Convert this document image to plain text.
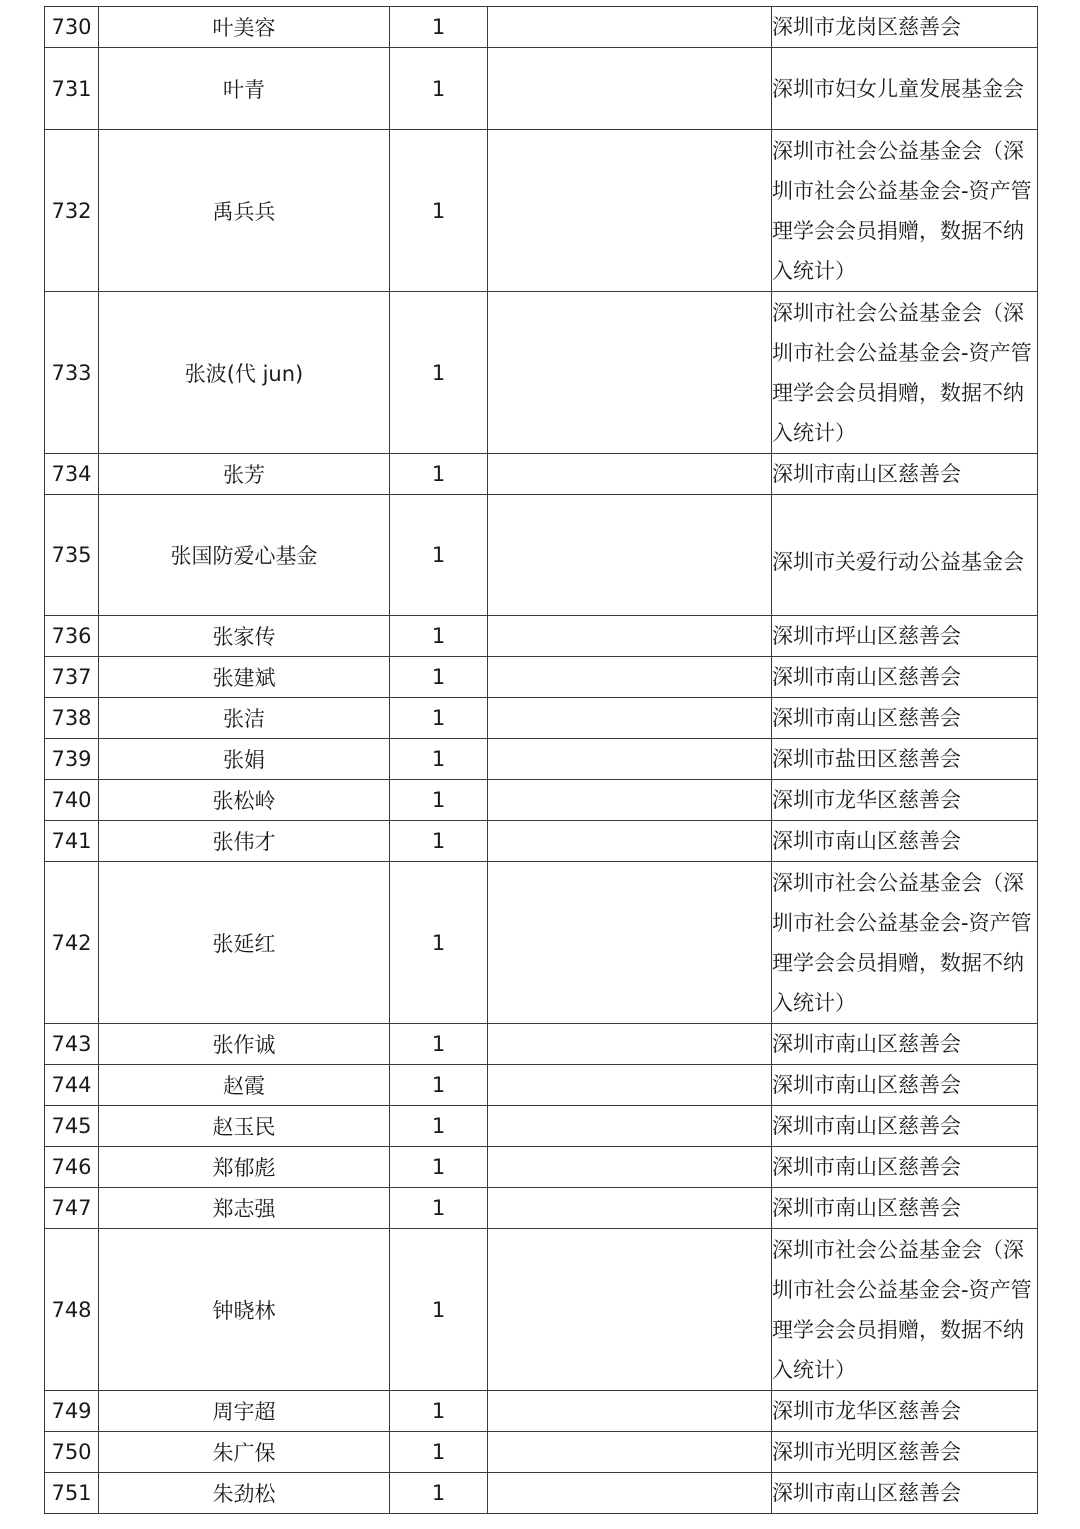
730	叶美容	1		深圳市龙岗区慈善会
731	叶青	1		深圳市妇女儿童发展基金会
732	禹兵兵	1		深圳市社会公益基金会（深圳市社会公益基金会-资产管理学会会员捐赠，数据不纳入统计）
733	张波(代 jun)	1		深圳市社会公益基金会（深圳市社会公益基金会-资产管理学会会员捐赠，数据不纳入统计）
734	张芳	1		深圳市南山区慈善会
735	张国防爱心基金	1		深圳市关爱行动公益基金会
736	张家传	1		深圳市坪山区慈善会
737	张建斌	1		深圳市南山区慈善会
738	张洁	1		深圳市南山区慈善会
739	张娟	1		深圳市盐田区慈善会
740	张松岭	1		深圳市龙华区慈善会
741	张伟才	1		深圳市南山区慈善会
742	张延红	1		深圳市社会公益基金会（深圳市社会公益基金会-资产管理学会会员捐赠，数据不纳入统计）
743	张作诚	1		深圳市南山区慈善会
744	赵霞	1		深圳市南山区慈善会
745	赵玉民	1		深圳市南山区慈善会
746	郑郁彪	1		深圳市南山区慈善会
747	郑志强	1		深圳市南山区慈善会
748	钟晓林	1		深圳市社会公益基金会（深圳市社会公益基金会-资产管理学会会员捐赠，数据不纳入统计）
749	周宇超	1		深圳市龙华区慈善会
750	朱广保	1		深圳市光明区慈善会
751	朱劲松	1		深圳市南山区慈善会
